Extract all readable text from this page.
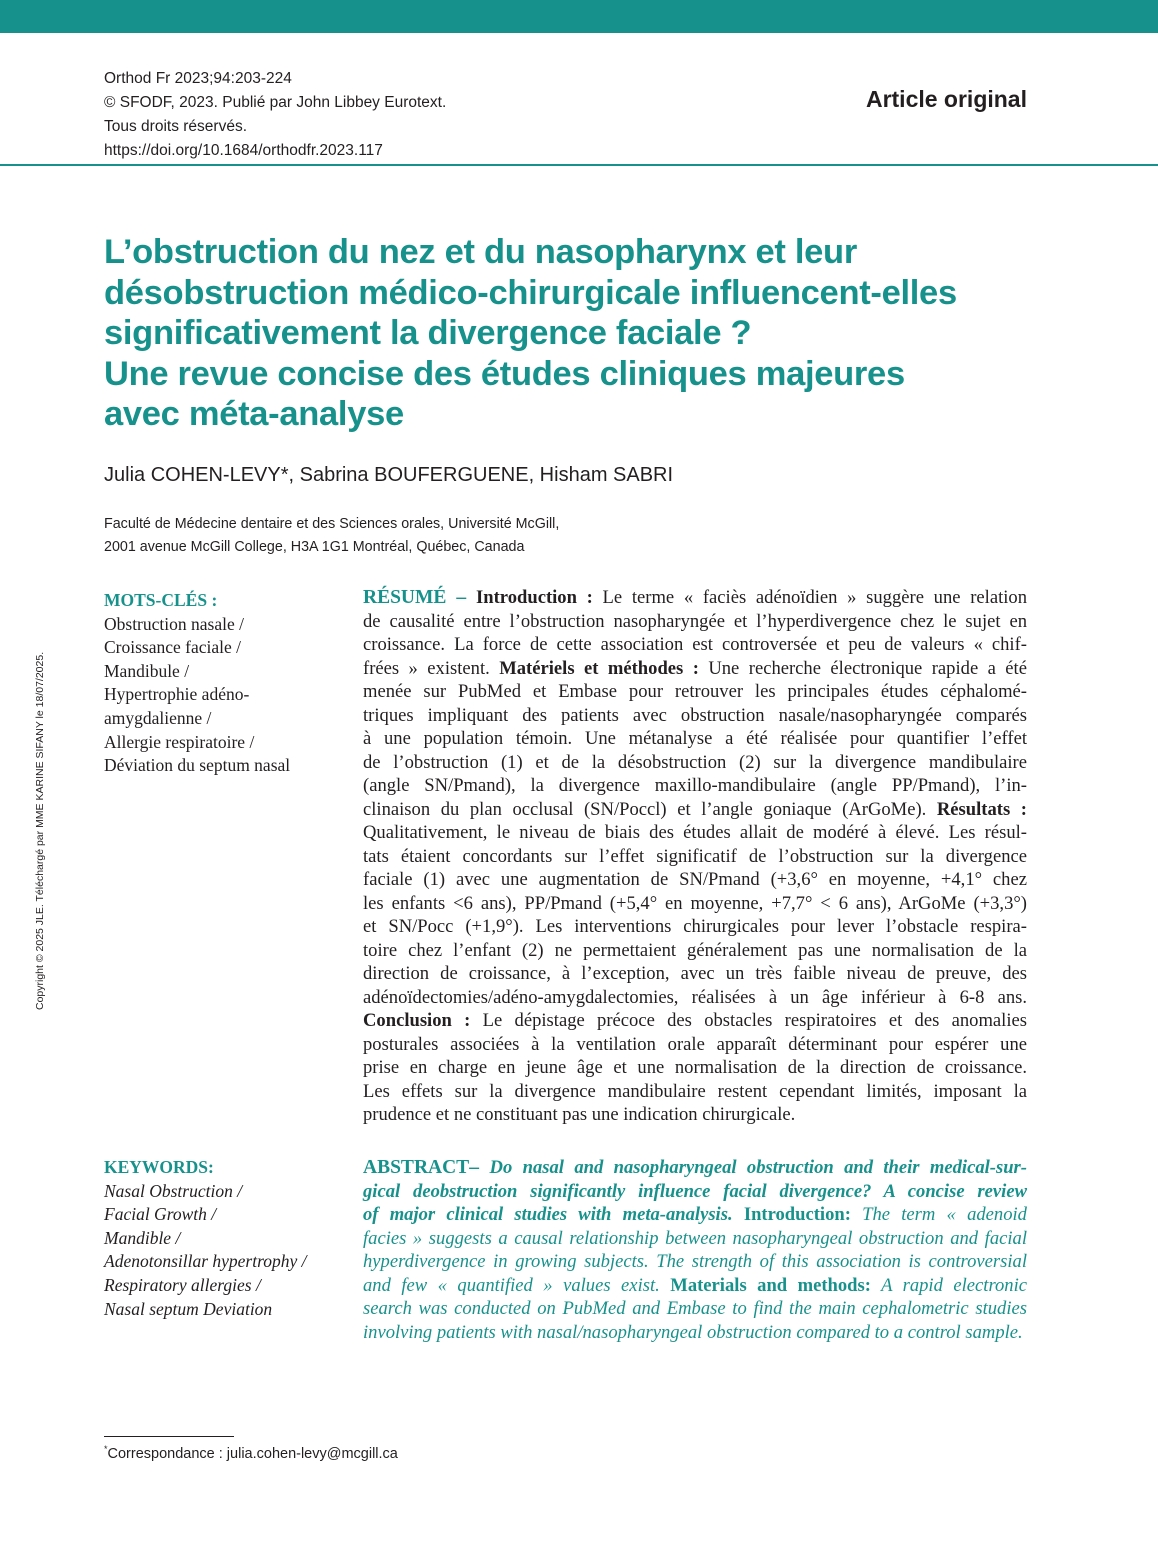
Orthod Fr 2023;94:203-224
© SFODF, 2023. Publié par John Libbey Eurotext.
Tous droits réservés.
https://doi.org/10.1684/orthodfr.2023.117
Article original
L’obstruction du nez et du nasopharynx et leur
désobstruction médico-chirurgicale influencent-elles
significativement la divergence faciale ?
Une revue concise des études cliniques majeures
avec méta-analyse
Julia COHEN-LEVY*, Sabrina BOUFERGUENE, Hisham SABRI
Faculté de Médecine dentaire et des Sciences orales, Université McGill,
2001 avenue McGill College, H3A 1G1 Montréal, Québec, Canada
Copyright © 2025 JLE. Téléchargé par MME KARINE SIFANY le 18/07/2025.
MOTS-CLÉS :
Obstruction nasale /
Croissance faciale /
Mandibule /
Hypertrophie adéno-
amygdalienne /
Allergie respiratoire /
Déviation du septum nasal
RÉSUMÉ – Introduction : Le terme « faciès adénoïdien » suggère une relation
de causalité entre l’obstruction nasopharyngée et l’hyperdivergence chez le sujet en
croissance. La force de cette association est controversée et peu de valeurs « chif-
frées » existent. Matériels et méthodes : Une recherche électronique rapide a été
menée sur PubMed et Embase pour retrouver les principales études céphalomé-
triques impliquant des patients avec obstruction nasale/nasopharyngée comparés
à une population témoin. Une métanalyse a été réalisée pour quantifier l’effet
de l’obstruction (1) et de la désobstruction (2) sur la divergence mandibulaire
(angle SN/Pmand), la divergence maxillo-mandibulaire (angle PP/Pmand), l’in-
clinaison du plan occlusal (SN/Poccl) et l’angle goniaque (ArGoMe). Résultats :
Qualitativement, le niveau de biais des études allait de modéré à élevé. Les résul-
tats étaient concordants sur l’effet significatif de l’obstruction sur la divergence
faciale (1) avec une augmentation de SN/Pmand (+3,6° en moyenne, +4,1° chez
les enfants <6 ans), PP/Pmand (+5,4° en moyenne, +7,7° < 6 ans), ArGoMe (+3,3°)
et SN/Pocc (+1,9°). Les interventions chirurgicales pour lever l’obstacle respira-
toire chez l’enfant (2) ne permettaient généralement pas une normalisation de la
direction de croissance, à l’exception, avec un très faible niveau de preuve, des
adénoïdectomies/adéno-amygdalectomies, réalisées à un âge inférieur à 6-8 ans.
Conclusion : Le dépistage précoce des obstacles respiratoires et des anomalies
posturales associées à la ventilation orale apparaît déterminant pour espérer une
prise en charge en jeune âge et une normalisation de la direction de croissance.
Les effets sur la divergence mandibulaire restent cependant limités, imposant la
prudence et ne constituant pas une indication chirurgicale.
KEYWORDS:
Nasal Obstruction /
Facial Growth /
Mandible /
Adenotonsillar hypertrophy /
Respiratory allergies /
Nasal septum Deviation
ABSTRACT– Do nasal and nasopharyngeal obstruction and their medical-sur-
gical deobstruction significantly influence facial divergence? A concise review
of major clinical studies with meta-analysis. Introduction: The term « adenoid
facies » suggests a causal relationship between nasopharyngeal obstruction and facial
hyperdivergence in growing subjects. The strength of this association is controversial
and few « quantified » values exist. Materials and methods: A rapid electronic
search was conducted on PubMed and Embase to find the main cephalometric studies
involving patients with nasal/nasopharyngeal obstruction compared to a control sample.
*Correspondance : julia.cohen-levy@mcgill.ca
